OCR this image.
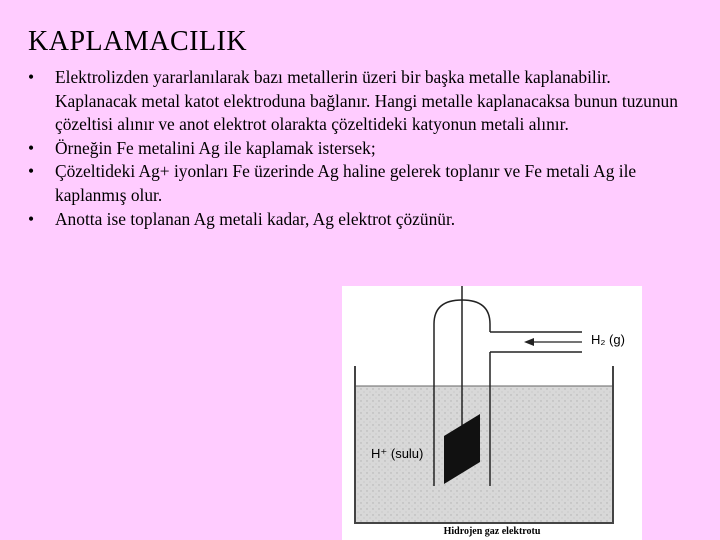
KAPLAMACILIK
• Elektrolizden yararlanılarak bazı metallerin üzeri bir başka metalle kaplanabilir. Kaplanacak metal katot elektroduna bağlanır. Hangi metalle kaplanacaksa bunun tuzunun çözeltisi alınır ve anot elektrot olarakta çözeltideki katyonun metali alınır.
• Örneğin Fe metalini Ag ile kaplamak istersek;
• Çözeltideki Ag+ iyonları Fe üzerinde Ag haline gelerek toplanır ve Fe metali Ag ile kaplanmış olur.
• Anotta ise toplanan Ag metali kadar, Ag elektrot çözünür.
H₂ (g)
H⁺ (sulu)
Hidrojen gaz elektrotu
